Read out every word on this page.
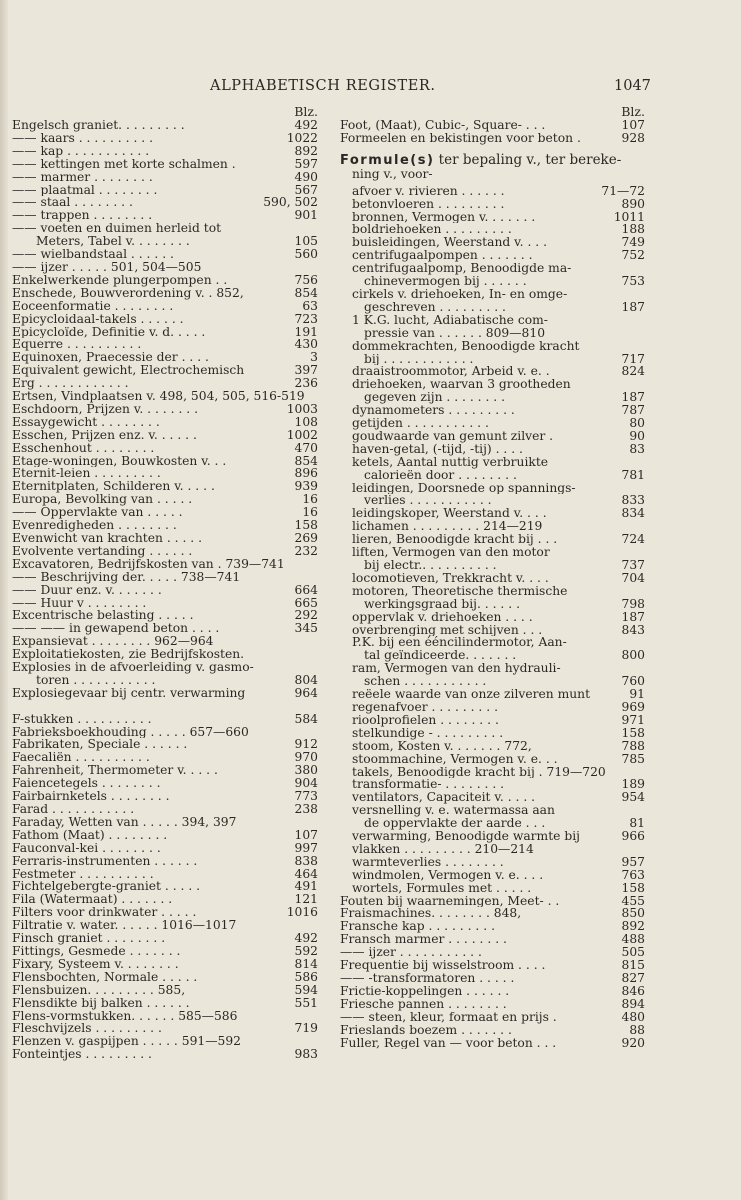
ALPHABETISCH REGISTER.	1047
Blz.
Engelsch graniet. . . . . . . . .	492
—— kaars . . . . . . . . . .	1022
—— kap . . . . . . . . . . .	892
—— kettingen met korte schalmen .	597
—— marmer . . . . . . . .	490
—— plaatmal . . . . . . . .	567
—— staal . . . . . . . .	590, 502
—— trappen . . . . . . . .	901
—— voeten en duimen herleid tot
Meters, Tabel v. . . . . . . .	105
—— wielbandstaal . . . . . .	560
—— ijzer . . . . . 501, 504—505
Enkelwerkende plungerpompen . .	756
Enschede, Bouwverordening v. . 852,	854
Eoceenformatie . . . . . . . .	63
Epicycloidaal-takels . . . . . .	723
Epicycloïde, Definitie v. d. . . . .	191
Equerre . . . . . . . . . .	430
Equinoxen, Praecessie der . . . .	3
Equivalent gewicht, Electrochemisch	397
Erg . . . . . . . . . . . .	236
Ertsen, Vindplaatsen v. 498, 504, 505, 516-519
Eschdoorn, Prijzen v. . . . . . . .	1003
Essaygewicht . . . . . . . .	108
Esschen, Prijzen enz. v. . . . . .	1002
Esschenhout . . . . . . . .	470
Etage-woningen, Bouwkosten v. . .	854
Eternit-leien . . . . . . . . .	896
Eternitplaten, Schilderen v. . . . .	939
Europa, Bevolking van . . . . .	16
—— Oppervlakte van . . . . .	16
Evenredigheden . . . . . . . .	158
Evenwicht van krachten . . . . .	269
Evolvente vertanding . . . . . .	232
Excavatoren, Bedrijfskosten van . 739—741
—— Beschrijving der. . . . . 738—741
—— Duur enz. v. . . . . . .	664
—— Huur v . . . . . . . .	665
Excentrische belasting . . . . .	292
—— —— in gewapend beton . . . .	345
Expansievat . . . . . . . . 962—964
Exploitatiekosten, zie Bedrijfskosten.
Explosies in de afvoerleiding v. gasmo-
toren . . . . . . . . . . .	804
Explosiegevaar bij centr. verwarming	964
F-stukken . . . . . . . . . .	584
Fabrieksboekhouding . . . . . 657—660
Fabrikaten, Speciale . . . . . .	912
Faecaliën . . . . . . . . . .	970
Fahrenheit, Thermometer v. . . . .	380
Faiencetegels . . . . . . . .	904
Fairbairnketels . . . . . . . .	773
Farad . . . . . . . . . . .	238
Faraday, Wetten van . . . . . 394, 397
Fathom (Maat) . . . . . . . .	107
Fauconval-kei . . . . . . . .	997
Ferraris-instrumenten . . . . . .	838
Festmeter . . . . . . . . . .	464
Fichtelgebergte-graniet . . . . .	491
Fila (Watermaat) . . . . . . .	121
Filters voor drinkwater . . . . .	1016
Filtratie v. water. . . . . . 1016—1017
Finsch graniet . . . . . . . .	492
Fittings, Gesmede . . . . . . .	592
Fixary, Systeem v. . . . . . . .	814
Flensbochten, Normale . . . . .	586
Flensbuizen. . . . . . . . . 585,	594
Flensdikte bij balken . . . . . .	551
Flens-vormstukken. . . . . . 585—586
Fleschvijzels . . . . . . . . .	719
Flenzen v. gaspijpen . . . . . 591—592
Fonteintjes . . . . . . . . .	983
Blz.
Foot, (Maat), Cubic-, Square- . . .	107
Formeelen en bekistingen voor beton .	928
Formule(s) ter bepaling v., ter bereke-
ning v., voor-
afvoer v. rivieren . . . . . .	71—72
betonvloeren . . . . . . . . .	890
bronnen, Vermogen v. . . . . . .	1011
boldriehoeken . . . . . . . . .	188
buisleidingen, Weerstand v. . . .	749
centrifugaalpompen . . . . . . .	752
centrifugaalpomp, Benoodigde ma-
chinevermogen bij . . . . . .	753
cirkels v. driehoeken, In- en omge-
geschreven . . . . . . . . .	187
1 K.G. lucht, Adiabatische com-
pressie van . . . . . . 809—810
dommekrachten, Benoodigde kracht
bij . . . . . . . . . . . .	717
draaistroommotor, Arbeid v. e. .	824
driehoeken, waarvan 3 grootheden
gegeven zijn . . . . . . . .	187
dynamometers . . . . . . . . .	787
getijden . . . . . . . . . . .	80
goudwaarde van gemunt zilver .	90
haven-getal, (-tijd, -tij) . . . .	83
ketels, Aantal nuttig verbruikte
calorieën door . . . . . . . .	781
leidingen, Doorsnede op spannings-
verlies . . . . . . . . . . .	833
leidingskoper, Weerstand v. . . .	834
lichamen . . . . . . . . . 214—219
lieren, Benoodigde kracht bij . . .	724
liften, Vermogen van den motor
bij electr.. . . . . . . . . .	737
locomotieven, Trekkracht v. . . .	704
motoren, Theoretische thermische
werkingsgraad bij. . . . . .	798
oppervlak v. driehoeken . . . .	187
overbrenging met schijven . . .	843
P.K. bij een ééncilindermotor, Aan-
tal geïndiceerde. . . . . . .	800
ram, Vermogen van den hydrauli-
schen . . . . . . . . . . .	760
reëele waarde van onze zilveren munt	91
regenafvoer . . . . . . . . .	969
rioolprofielen . . . . . . . .	971
stelkundige - . . . . . . . . .	158
stoom, Kosten v. . . . . . . 772,	788
stoommachine, Vermogen v. e. . .	785
takels, Benoodigde kracht bij . 719—720
transformatie- . . . . . . . .	189
ventilators, Capaciteit v. . . . .	954
versnelling v. e. watermassa aan
de oppervlakte der aarde . . .	81
verwarming, Benoodigde warmte bij	966
vlakken . . . . . . . . . 210—214
warmteverlies . . . . . . . .	957
windmolen, Vermogen v. e. . . .	763
wortels, Formules met . . . . .	158
Fouten bij waarnemingen, Meet- . .	455
Fraismachines. . . . . . . . 848,	850
Fransche kap . . . . . . . . .	892
Fransch marmer . . . . . . . .	488
—— ijzer . . . . . . . . . . .	505
Frequentie bij wisselstroom . . . .	815
—— -transformatoren . . . . .	827
Frictie-koppelingen . . . . . .	846
Friesche pannen . . . . . . . .	894
—— steen, kleur, formaat en prijs .	480
Frieslands boezem . . . . . . .	88
Fuller, Regel van — voor beton . . .	920
